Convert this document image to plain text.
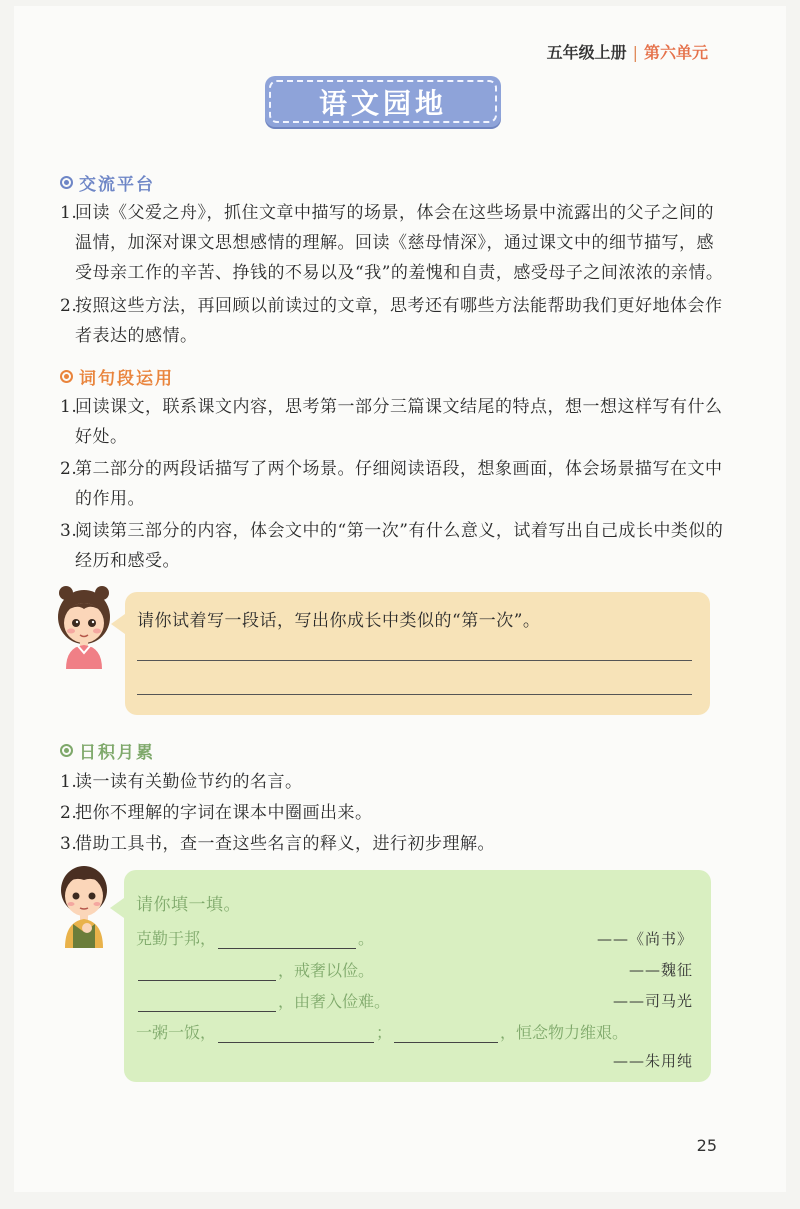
五年级上册 | 第六单元
语文园地
交流平台
1.
回读《父爱之舟》，抓住文章中描写的场景，体会在这些场景中流露出的父子之间的温情，加深对课文思想感情的理解。回读《慈母情深》，通过课文中的细节描写，感受母亲工作的辛苦、挣钱的不易以及“我”的羞愧和自责，感受母子之间浓浓的亲情。
2.
按照这些方法，再回顾以前读过的文章，思考还有哪些方法能帮助我们更好地体会作者表达的感情。
词句段运用
1.
回读课文，联系课文内容，思考第一部分三篇课文结尾的特点，想一想这样写有什么好处。
2.
第二部分的两段话描写了两个场景。仔细阅读语段，想象画面，体会场景描写在文中的作用。
3.
阅读第三部分的内容，体会文中的“第一次”有什么意义，试着写出自己成长中类似的经历和感受。
请你试着写一段话，写出你成长中类似的“第一次”。
日积月累
1.
读一读有关勤俭节约的名言。
2.
把你不理解的字词在课本中圈画出来。
3.
借助工具书，查一查这些名言的释义，进行初步理解。
请你填一填。
克勤于邦，	。	——《尚书》
，戒奢以俭。	——魏征
，由奢入俭难。	——司马光
一粥一饭，	；	，恒念物力维艰。
——朱用纯
25
